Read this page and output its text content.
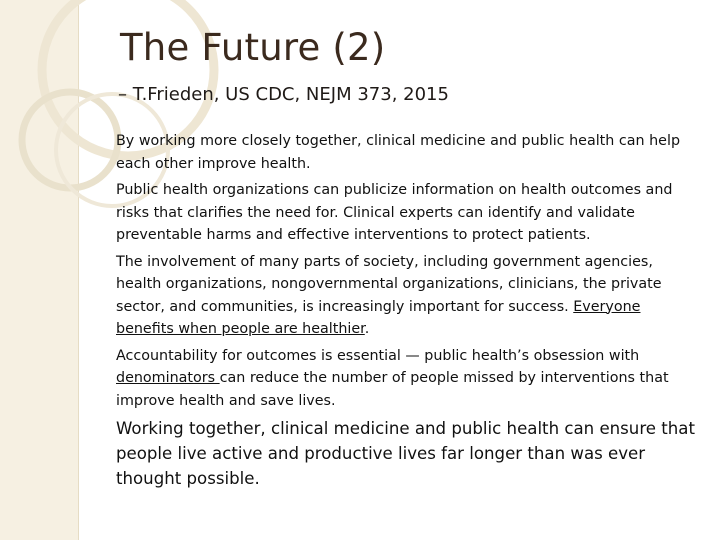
The Future (2)
– T.Frieden, US CDC, NEJM 373, 2015

By working more closely together, clinical medicine and public health can help each other improve health.

Public health organizations can publicize information on health outcomes and risks that clarifies the need for. Clinical experts can identify and validate preventable harms and effective interventions to protect patients.

The involvement of many parts of society, including government agencies, health organizations, nongovernmental organizations, clinicians, the private sector, and communities, is increasingly important for success. Everyone benefits when people are healthier.

Accountability for outcomes is essential — public health’s obsession with denominators can reduce the number of people missed by interventions that improve health and save lives.

Working together, clinical medicine and public health can ensure that people live active and productive lives far longer than was ever thought possible.
